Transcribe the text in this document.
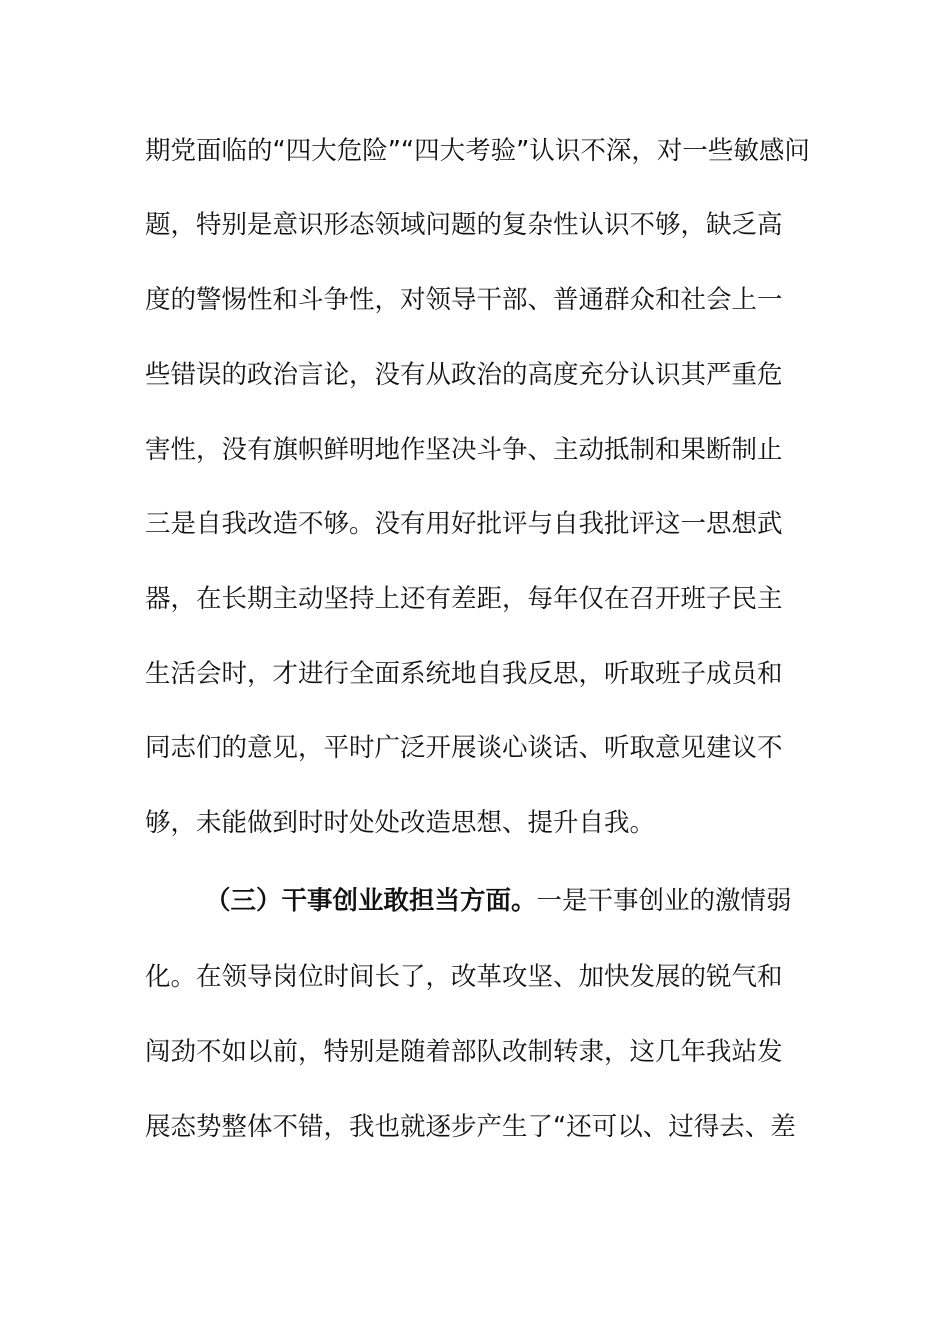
期党面临的“四大危险”“四大考验”认识不深，对一些敏感问
题，特别是意识形态领域问题的复杂性认识不够，缺乏高
度的警惕性和斗争性，对领导干部、普通群众和社会上一
些错误的政治言论，没有从政治的高度充分认识其严重危
害性，没有旗帜鲜明地作坚决斗争、主动抵制和果断制止
三是自我改造不够。没有用好批评与自我批评这一思想武
器，在长期主动坚持上还有差距，每年仅在召开班子民主
生活会时，才进行全面系统地自我反思，听取班子成员和
同志们的意见，平时广泛开展谈心谈话、听取意见建议不
够，未能做到时时处处改造思想、提升自我。
（三）干事创业敢担当方面。一是干事创业的激情弱
化。在领导岗位时间长了，改革攻坚、加快发展的锐气和
闯劲不如以前，特别是随着部队改制转隶，这几年我站发
展态势整体不错，我也就逐步产生了“还可以、过得去、差
